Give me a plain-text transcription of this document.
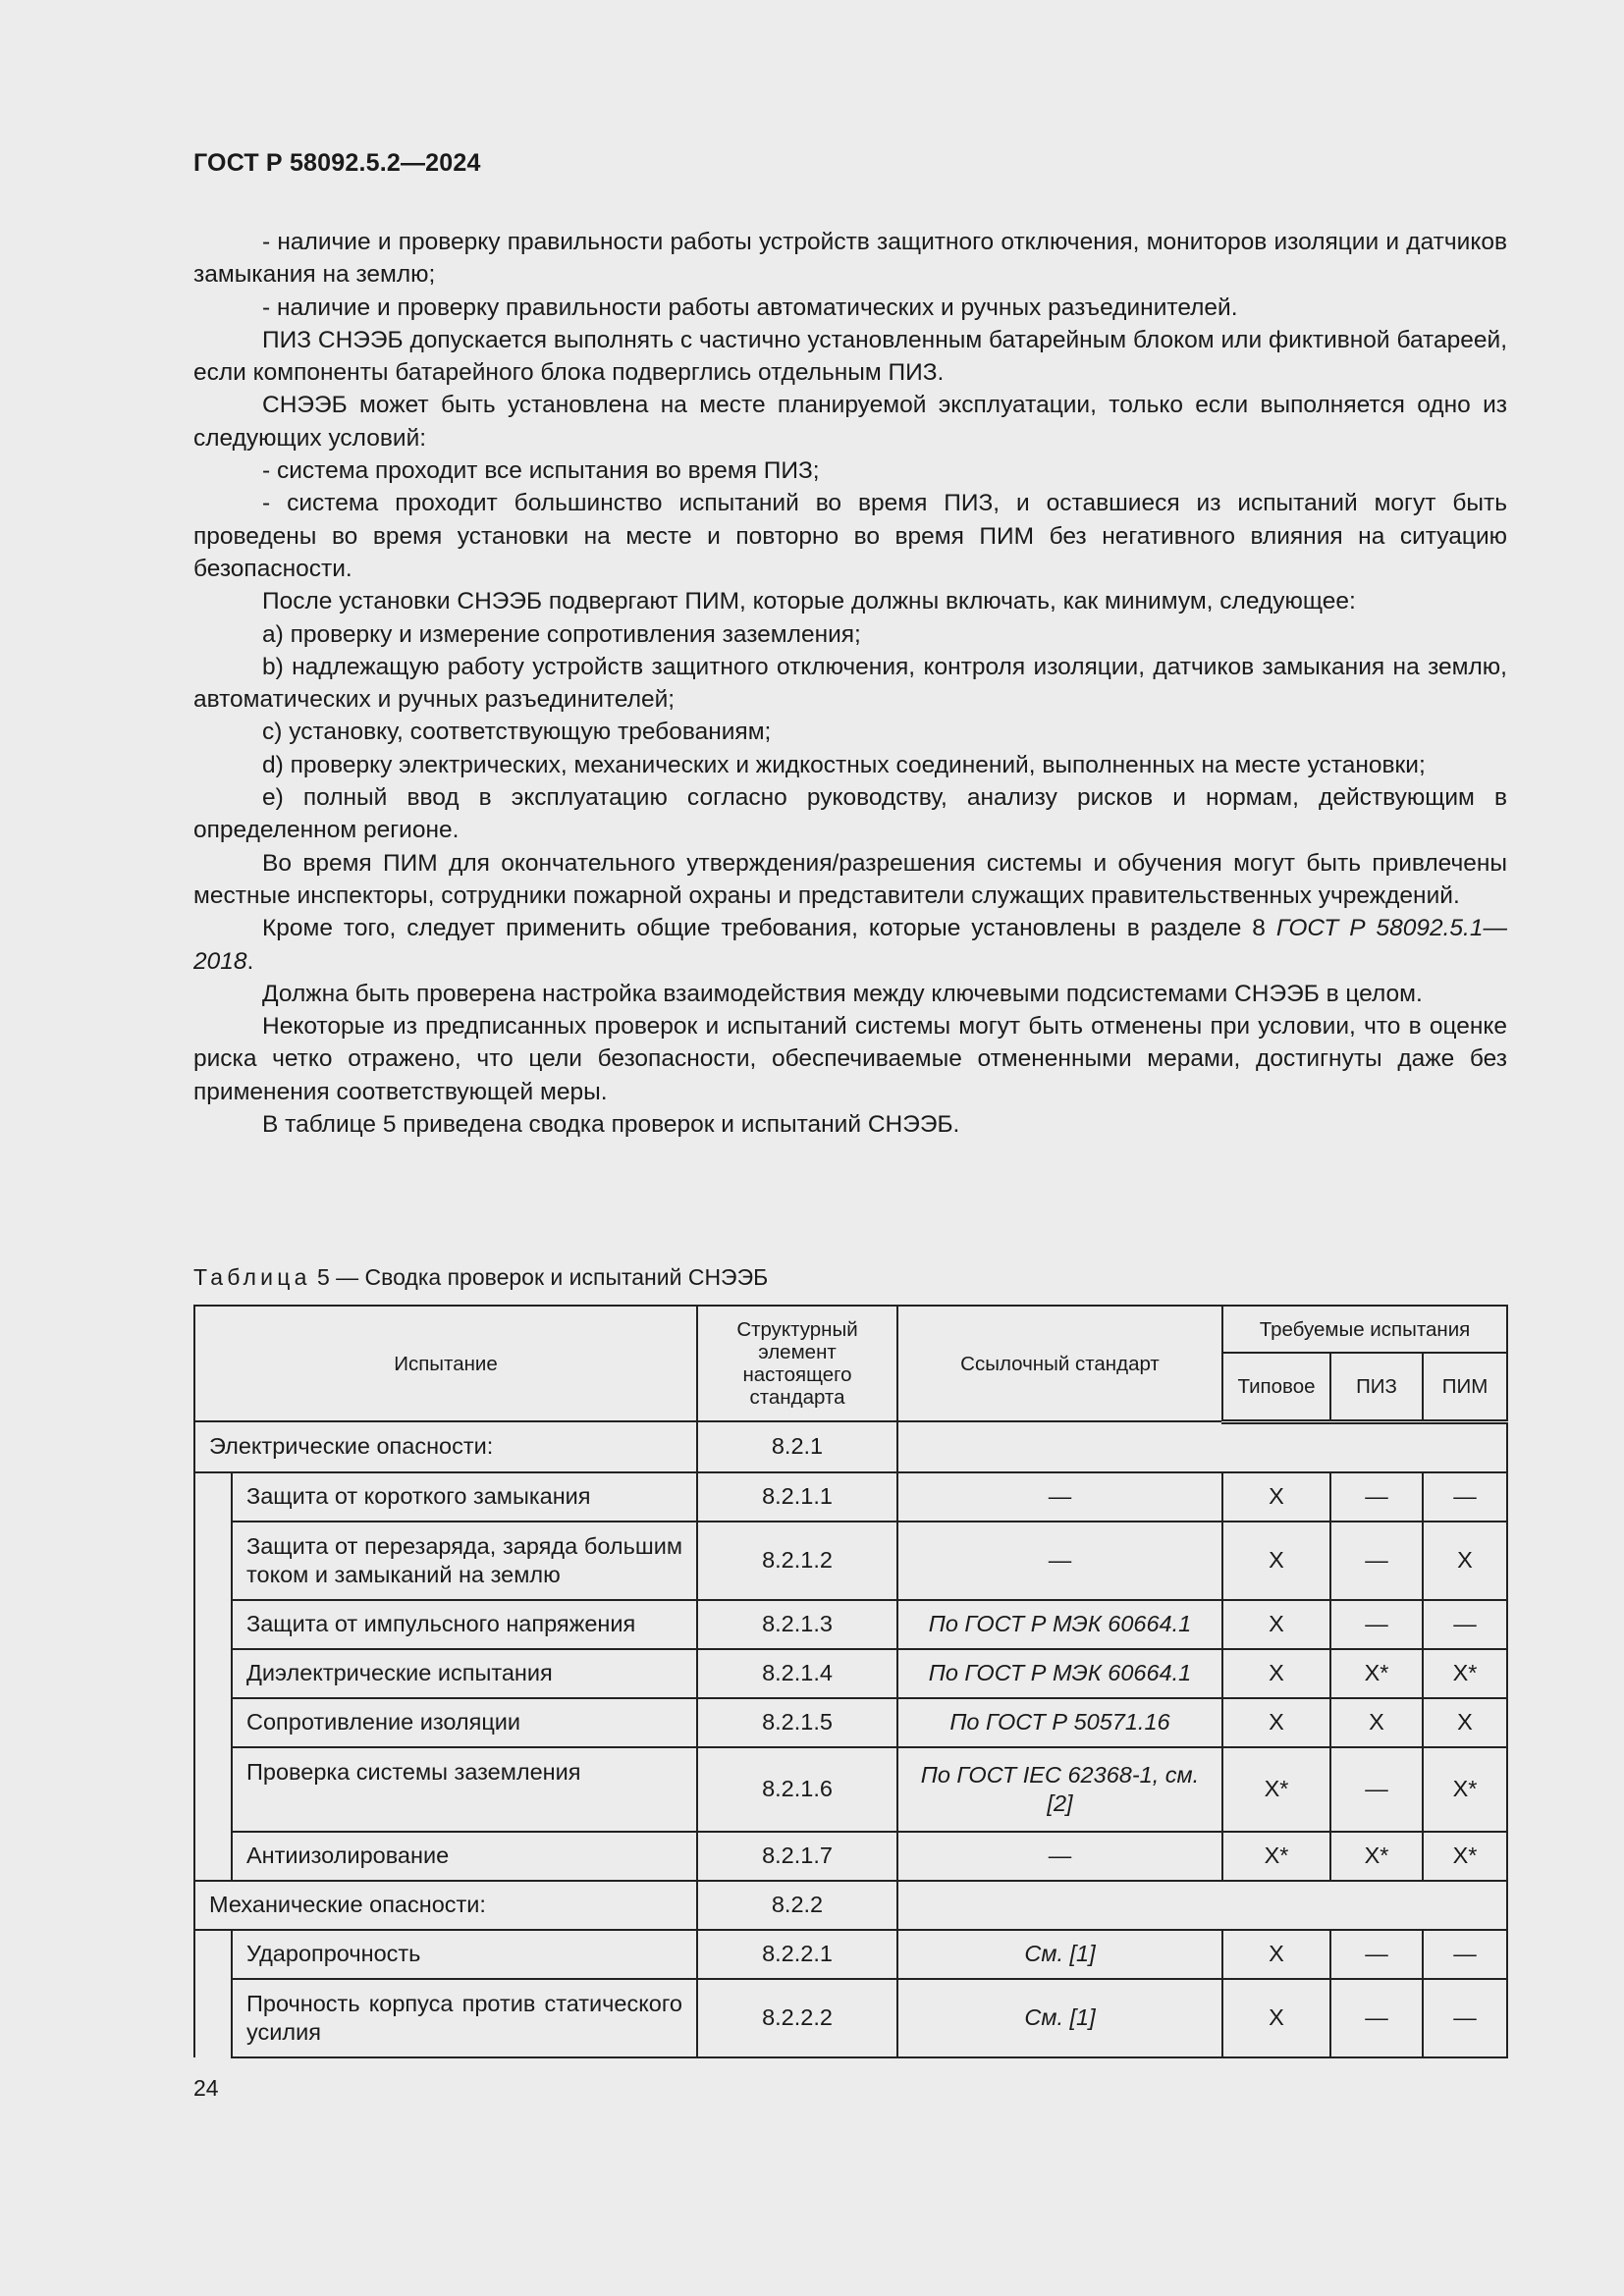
ГОСТ Р 58092.5.2—2024

- наличие и проверку правильности работы устройств защитного отключения, мониторов изоляции и датчиков замыкания на землю;

- наличие и проверку правильности работы автоматических и ручных разъединителей.

ПИЗ СНЭЭБ допускается выполнять с частично установленным батарейным блоком или фиктивной батареей, если компоненты батарейного блока подверглись отдельным ПИЗ.

СНЭЭБ может быть установлена на месте планируемой эксплуатации, только если выполняется одно из следующих условий:

- система проходит все испытания во время ПИЗ;

- система проходит большинство испытаний во время ПИЗ, и оставшиеся из испытаний могут быть проведены во время установки на месте и повторно во время ПИМ без негативного влияния на ситуацию безопасности.

После установки СНЭЭБ подвергают ПИМ, которые должны включать, как минимум, следующее:

a) проверку и измерение сопротивления заземления;

b) надлежащую работу устройств защитного отключения, контроля изоляции, датчиков замыкания на землю, автоматических и ручных разъединителей;

c) установку, соответствующую требованиям;

d) проверку электрических, механических и жидкостных соединений, выполненных на месте установки;

e) полный ввод в эксплуатацию согласно руководству, анализу рисков и нормам, действующим в определенном регионе.

Во время ПИМ для окончательного утверждения/разрешения системы и обучения могут быть привлечены местные инспекторы, сотрудники пожарной охраны и представители служащих правительственных учреждений.

Кроме того, следует применить общие требования, которые установлены в разделе 8 ГОСТ Р 58092.5.1—2018.

Должна быть проверена настройка взаимодействия между ключевыми подсистемами СНЭЭБ в целом.

Некоторые из предписанных проверок и испытаний системы могут быть отменены при условии, что в оценке риска четко отражено, что цели безопасности, обеспечиваемые отмененными мерами, достигнуты даже без применения соответствующей меры.

В таблице 5 приведена сводка проверок и испытаний СНЭЭБ.

Таблица 5 — Сводка проверок и испытаний СНЭЭБ
Испытание		Структурный элемент настоящего стандарта	Ссылочный стандарт	Требуемые испытания		
				Типовое	ПИЗ	ПИМ
Электрические опасности:		8.2.1				
	Защита от короткого замыкания	8.2.1.1	—	X	—	—
	Защита от перезаряда, заряда большим током и замыканий на землю	8.2.1.2	—	X	—	X
	Защита от импульсного напряжения	8.2.1.3	По ГОСТ Р МЭК 60664.1	X	—	—
	Диэлектрические испытания	8.2.1.4	По ГОСТ Р МЭК 60664.1	X	X*	X*
	Сопротивление изоляции	8.2.1.5	По ГОСТ Р 50571.16	X	X	X
	Проверка системы заземления	8.2.1.6	По ГОСТ IEC 62368-1, см. [2]	X*	—	X*
	Антиизолирование	8.2.1.7	—	X*	X*	X*
Механические опасности:		8.2.2				
	Ударопрочность	8.2.2.1	См. [1]	X	—	—
	Прочность корпуса против статического усилия	8.2.2.2	См. [1]	X	—	—
24
